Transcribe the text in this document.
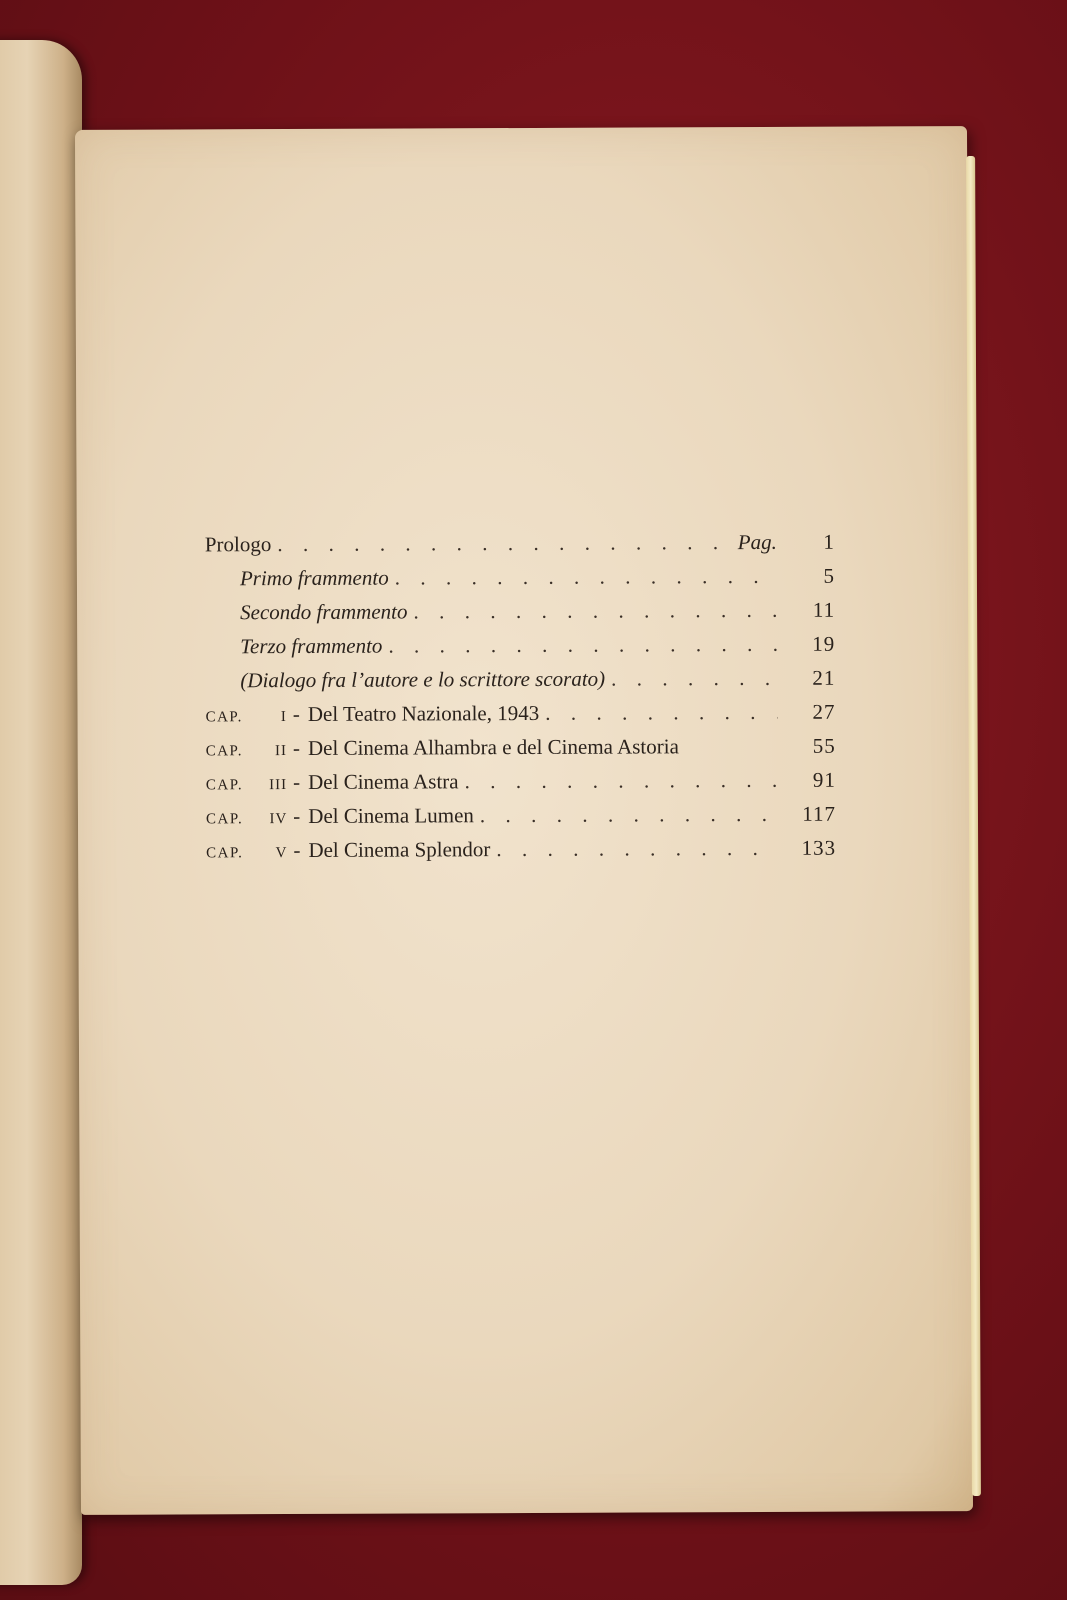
Prologo . . .	Pag.	1
Primo frammento . . .	5
Secondo frammento . . .	11
Terzo frammento . . .	19
(Dialogo fra l’autore e lo scrittore scorato) . . .	21
CAP.	I - Del Teatro Nazionale, 1943 . . .	27
CAP.	II - Del Cinema Alhambra e del Cinema Astoria	55
CAP.	III - Del Cinema Astra . . .	91
CAP.	IV - Del Cinema Lumen . . .	117
CAP.	V - Del Cinema Splendor . . .	133
